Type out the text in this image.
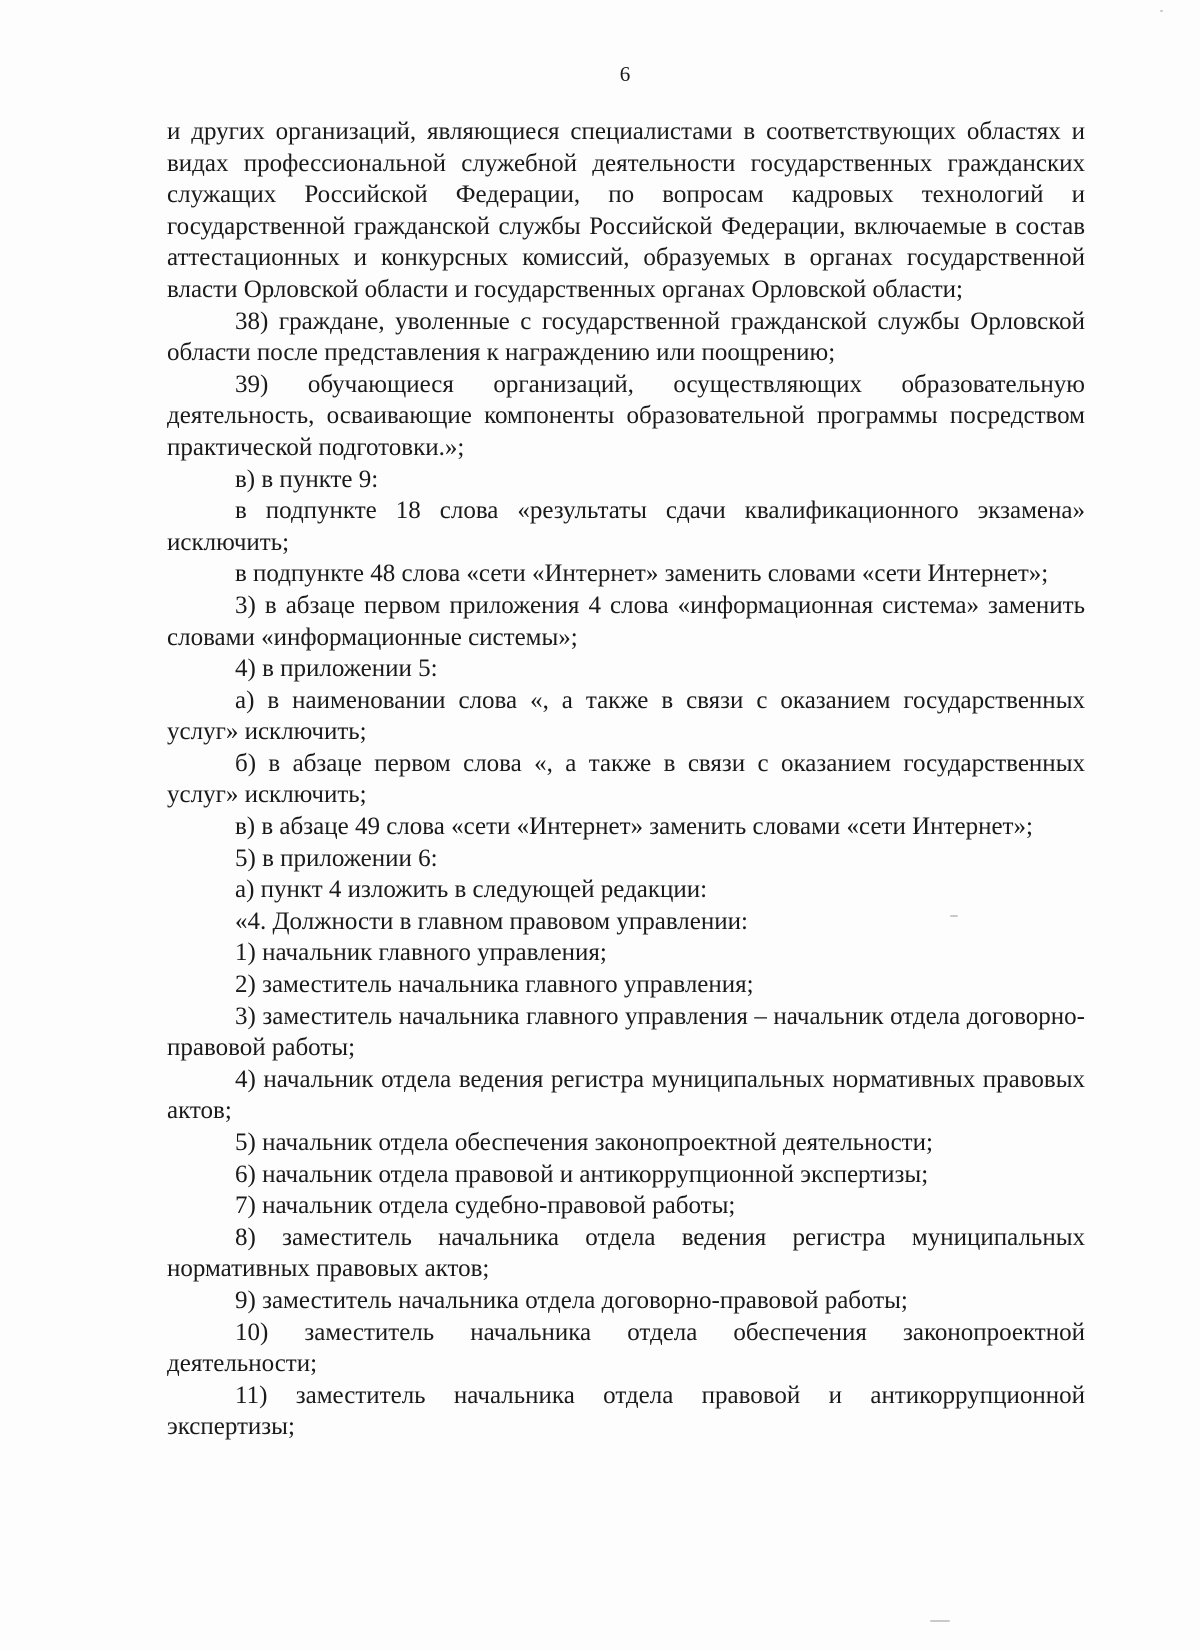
6

и других организаций, являющиеся специалистами в соответствующих областях и видах профессиональной служебной деятельности государственных гражданских служащих Российской Федерации, по вопросам кадровых технологий и государственной гражданской службы Российской Федерации, включаемые в состав аттестационных и конкурсных комиссий, образуемых в органах государственной власти Орловской области и государственных органах Орловской области;

38) граждане, уволенные с государственной гражданской службы Орловской области после представления к награждению или поощрению;

39) обучающиеся организаций, осуществляющих образовательную деятельность, осваивающие компоненты образовательной программы посредством практической подготовки.»;

в) в пункте 9:

в подпункте 18 слова «результаты сдачи квалификационного экзамена» исключить;

в подпункте 48 слова «сети «Интернет» заменить словами «сети Интернет»;

3) в абзаце первом приложения 4 слова «информационная система» заменить словами «информационные системы»;

4) в приложении 5:

а) в наименовании слова «, а также в связи с оказанием государственных услуг» исключить;

б) в абзаце первом слова «, а также в связи с оказанием государственных услуг» исключить;

в) в абзаце 49 слова «сети «Интернет» заменить словами «сети Интернет»;

5) в приложении 6:

а) пункт 4 изложить в следующей редакции:

«4. Должности в главном правовом управлении:

1) начальник главного управления;

2) заместитель начальника главного управления;

3) заместитель начальника главного управления – начальник отдела договорно-правовой работы;

4) начальник отдела ведения регистра муниципальных нормативных правовых актов;

5) начальник отдела обеспечения законопроектной деятельности;

6) начальник отдела правовой и антикоррупционной экспертизы;

7) начальник отдела судебно-правовой работы;

8) заместитель начальника отдела ведения регистра муниципальных нормативных правовых актов;

9) заместитель начальника отдела договорно-правовой работы;

10) заместитель начальника отдела обеспечения законопроектной деятельности;

11) заместитель начальника отдела правовой и антикоррупционной экспертизы;
